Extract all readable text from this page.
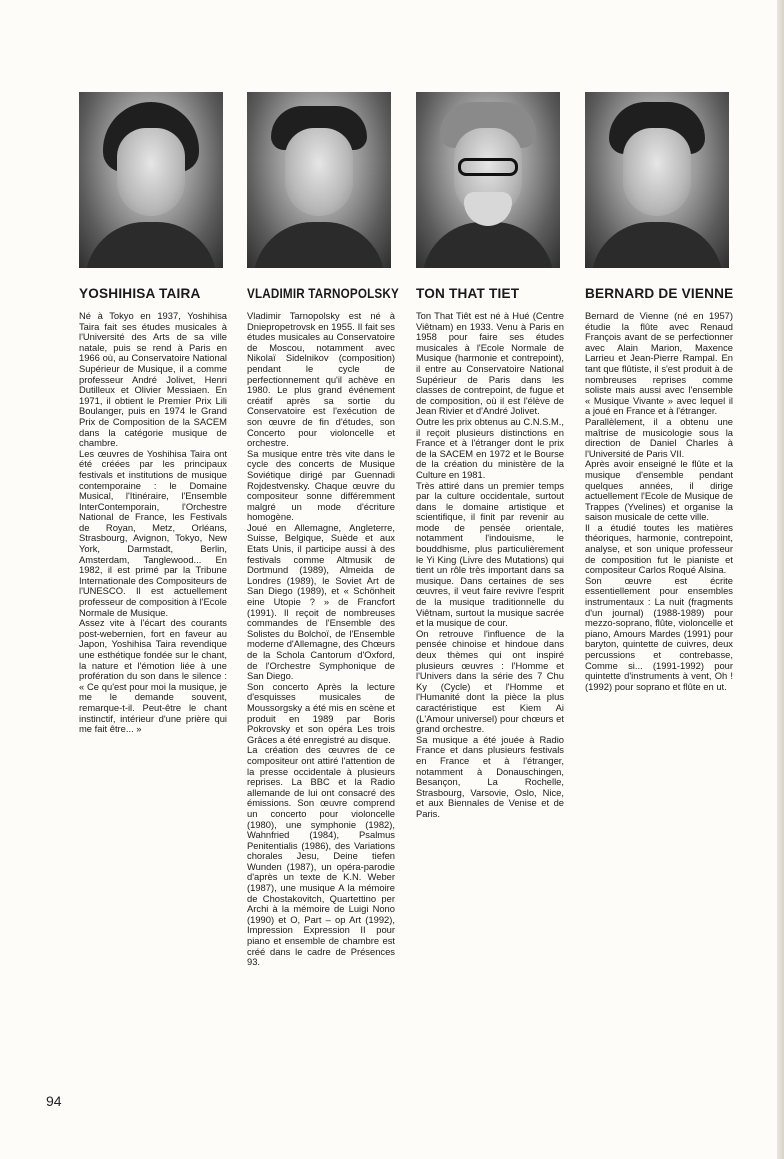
YOSHIHISA TAIRA

Né à Tokyo en 1937, Yoshihisa Taira fait ses études musicales à l'Université des Arts de sa ville natale, puis se rend à Paris en 1966 où, au Conservatoire National Supérieur de Musique, il a comme professeur André Jolivet, Henri Dutilleux et Olivier Messiaen. En 1971, il obtient le Premier Prix Lili Boulanger, puis en 1974 le Grand Prix de Composition de la SACEM dans la catégorie musique de chambre.

Les œuvres de Yoshihisa Taira ont été créées par les principaux festivals et institutions de musique contemporaine : le Domaine Musical, l'Itinéraire, l'Ensemble InterContemporain, l'Orchestre National de France, les Festivals de Royan, Metz, Orléans, Strasbourg, Avignon, Tokyo, New York, Darmstadt, Berlin, Amsterdam, Tanglewood... En 1982, il est primé par la Tribune Internationale des Compositeurs de l'UNESCO. Il est actuellement professeur de composition à l'Ecole Normale de Musique.

Assez vite à l'écart des courants post-webernien, fort en faveur au Japon, Yoshihisa Taira revendique une esthétique fondée sur le chant, la nature et l'émotion liée à une profération du son dans le silence : « Ce qu'est pour moi la musique, je me le demande souvent, remarque-t-il. Peut-être le chant instinctif, intérieur d'une prière qui me fait être... »

VLADIMIR TARNOPOLSKY

Vladimir Tarnopolsky est né à Dniepropetrovsk en 1955. Il fait ses études musicales au Conservatoire de Moscou, notamment avec Nikolaï Sidelnikov (composition) pendant le cycle de perfectionnement qu'il achève en 1980. Le plus grand événement créatif après sa sortie du Conservatoire est l'exécution de son œuvre de fin d'études, son Concerto pour violoncelle et orchestre.

Sa musique entre très vite dans le cycle des concerts de Musique Soviétique dirigé par Guennadi Rojdestvensky. Chaque œuvre du compositeur sonne différemment malgré un mode d'écriture homogène.

Joué en Allemagne, Angleterre, Suisse, Belgique, Suède et aux Etats Unis, il participe aussi à des festivals comme Altmusik de Dortmund (1989), Almeida de Londres (1989), le Soviet Art de San Diego (1989), et « Schönheit eine Utopie ? » de Francfort (1991). Il reçoit de nombreuses commandes de l'Ensemble des Solistes du Bolchoï, de l'Ensemble moderne d'Allemagne, des Chœurs de la Schola Cantorum d'Oxford, de l'Orchestre Symphonique de San Diego.

Son concerto Après la lecture d'esquisses musicales de Moussorgsky a été mis en scène et produit en 1989 par Boris Pokrovsky et son opéra Les trois Grâces a été enregistré au disque.

La création des œuvres de ce compositeur ont attiré l'attention de la presse occidentale à plusieurs reprises. La BBC et la Radio allemande de lui ont consacré des émissions. Son œuvre comprend un concerto pour violoncelle (1980), une symphonie (1982), Wahnfried (1984), Psalmus Penitentialis (1986), des Variations chorales Jesu, Deine tiefen Wunden (1987), un opéra-parodie d'après un texte de K.N. Weber (1987), une musique A la mémoire de Chostakovitch, Quartettino per Archi à la mémoire de Luigi Nono (1990) et O, Part – op Art (1992), Impression Expression II pour piano et ensemble de chambre est créé dans le cadre de Présences 93.

TON THAT TIET

Ton That Tiêt est né à Hué (Centre Viêtnam) en 1933. Venu à Paris en 1958 pour faire ses études musicales à l'Ecole Normale de Musique (harmonie et contrepoint), il entre au Conservatoire National Supérieur de Paris dans les classes de contrepoint, de fugue et de composition, où il est l'élève de Jean Rivier et d'André Jolivet.

Outre les prix obtenus au C.N.S.M., il reçoit plusieurs distinctions en France et à l'étranger dont le prix de la SACEM en 1972 et le Bourse de la création du ministère de la Culture en 1981.

Très attiré dans un premier temps par la culture occidentale, surtout dans le domaine artistique et scientifique, il finit par revenir au mode de pensée orientale, notamment l'indouisme, le bouddhisme, plus particulièrement le Yi King (Livre des Mutations) qui tient un rôle très important dans sa musique. Dans certaines de ses œuvres, il veut faire revivre l'esprit de la musique traditionnelle du Viêtnam, surtout la musique sacrée et la musique de cour.

On retrouve l'influence de la pensée chinoise et hindoue dans deux thèmes qui ont inspiré plusieurs œuvres : l'Homme et l'Univers dans la série des 7 Chu Ky (Cycle) et l'Homme et l'Humanité dont la pièce la plus caractéristique est Kiem Ai (L'Amour universel) pour chœurs et grand orchestre.

Sa musique a été jouée à Radio France et dans plusieurs festivals en France et à l'étranger, notamment à Donauschingen, Besançon, La Rochelle, Strasbourg, Varsovie, Oslo, Nice, et aux Biennales de Venise et de Paris.

BERNARD DE VIENNE

Bernard de Vienne (né en 1957) étudie la flûte avec Renaud François avant de se perfectionner avec Alain Marion, Maxence Larrieu et Jean-Pierre Rampal. En tant que flûtiste, il s'est produit à de nombreuses reprises comme soliste mais aussi avec l'ensemble « Musique Vivante » avec lequel il a joué en France et à l'étranger.

Parallèlement, il a obtenu une maîtrise de musicologie sous la direction de Daniel Charles à l'Université de Paris VII.

Après avoir enseigné le flûte et la musique d'ensemble pendant quelques années, il dirige actuellement l'Ecole de Musique de Trappes (Yvelines) et organise la saison musicale de cette ville.

Il a étudié toutes les matières théoriques, harmonie, contrepoint, analyse, et son unique professeur de composition fut le pianiste et compositeur Carlos Roqué Alsina.

Son œuvre est écrite essentiellement pour ensembles instrumentaux : La nuit (fragments d'un journal) (1988-1989) pour mezzo-soprano, flûte, violoncelle et piano, Amours Mardes (1991) pour baryton, quintette de cuivres, deux percussions et contrebasse, Comme si... (1991-1992) pour quintette d'instruments à vent, Oh ! (1992) pour soprano et flûte en ut.

94
